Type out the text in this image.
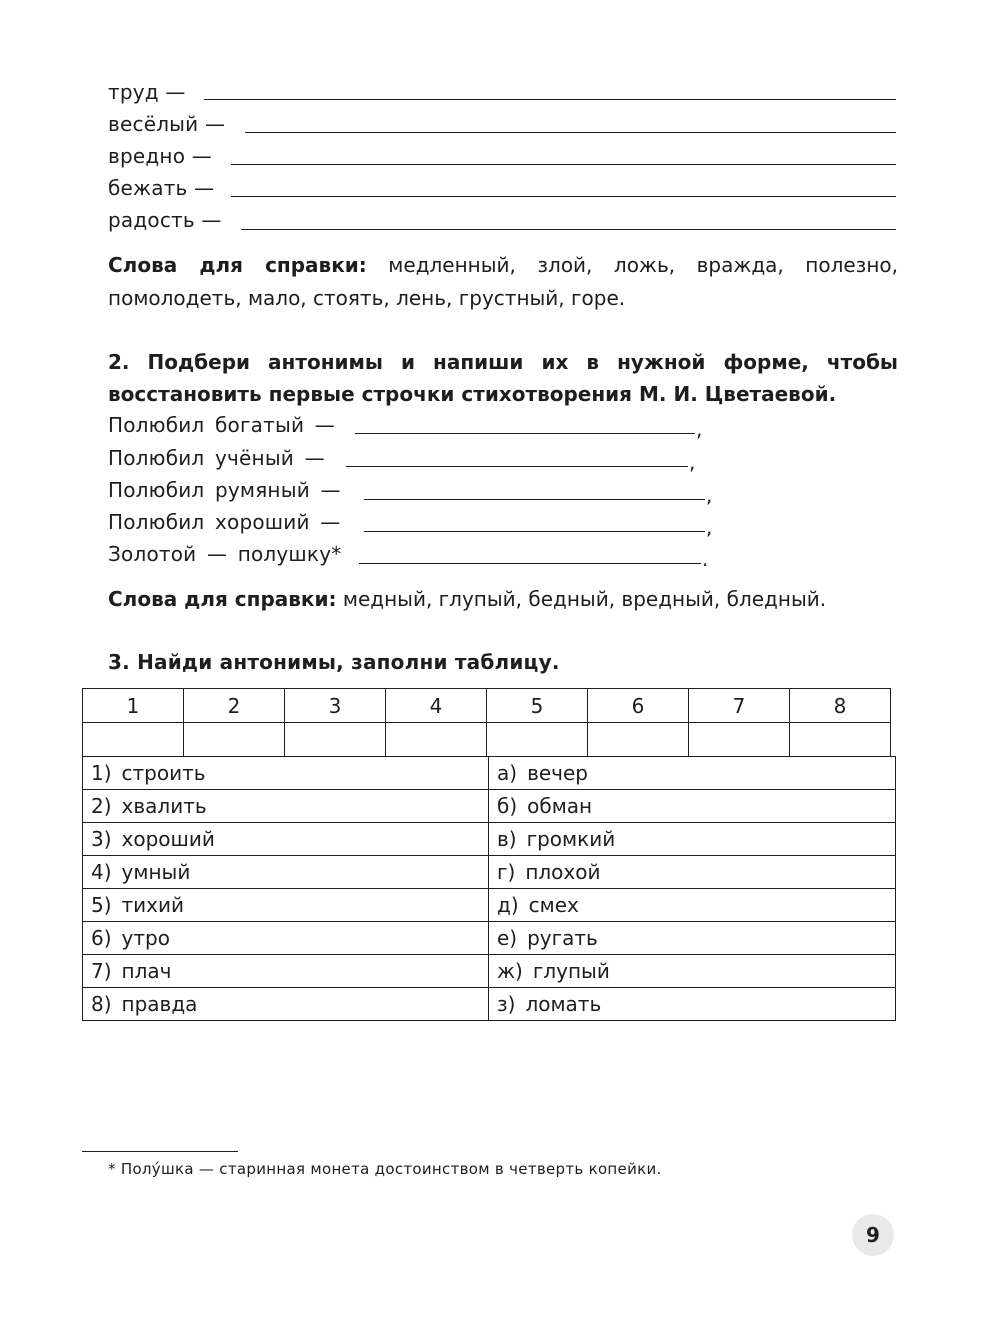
труд —
весёлый —
вредно —
бежать —
радость —
Слова для справки: медленный, злой, ложь, вражда, полезно, помолодеть, мало, стоять, лень, грустный, горе.
2. Подбери антонимы и напиши их в нужной форме, чтобы восстановить первые строчки стихотворения М. И. Цветаевой.
Полюбил богатый —	,
Полюбил учёный —	,
Полюбил румяный —	,
Полюбил хороший —	,
Золотой — полушку*	.
Слова для справки: медный, глупый, бедный, вредный, бледный.
3. Найди антонимы, заполни таблицу.
1	2	3	4	5	6	7	8

1) строить	а) вечер
2) хвалить	б) обман
3) хороший	в) громкий
4) умный	г) плохой
5) тихий	д) смех
6) утро	е) ругать
7) плач	ж) глупый
8) правда	з) ломать
* Полу́шка — старинная монета достоинством в четверть копейки.
9
